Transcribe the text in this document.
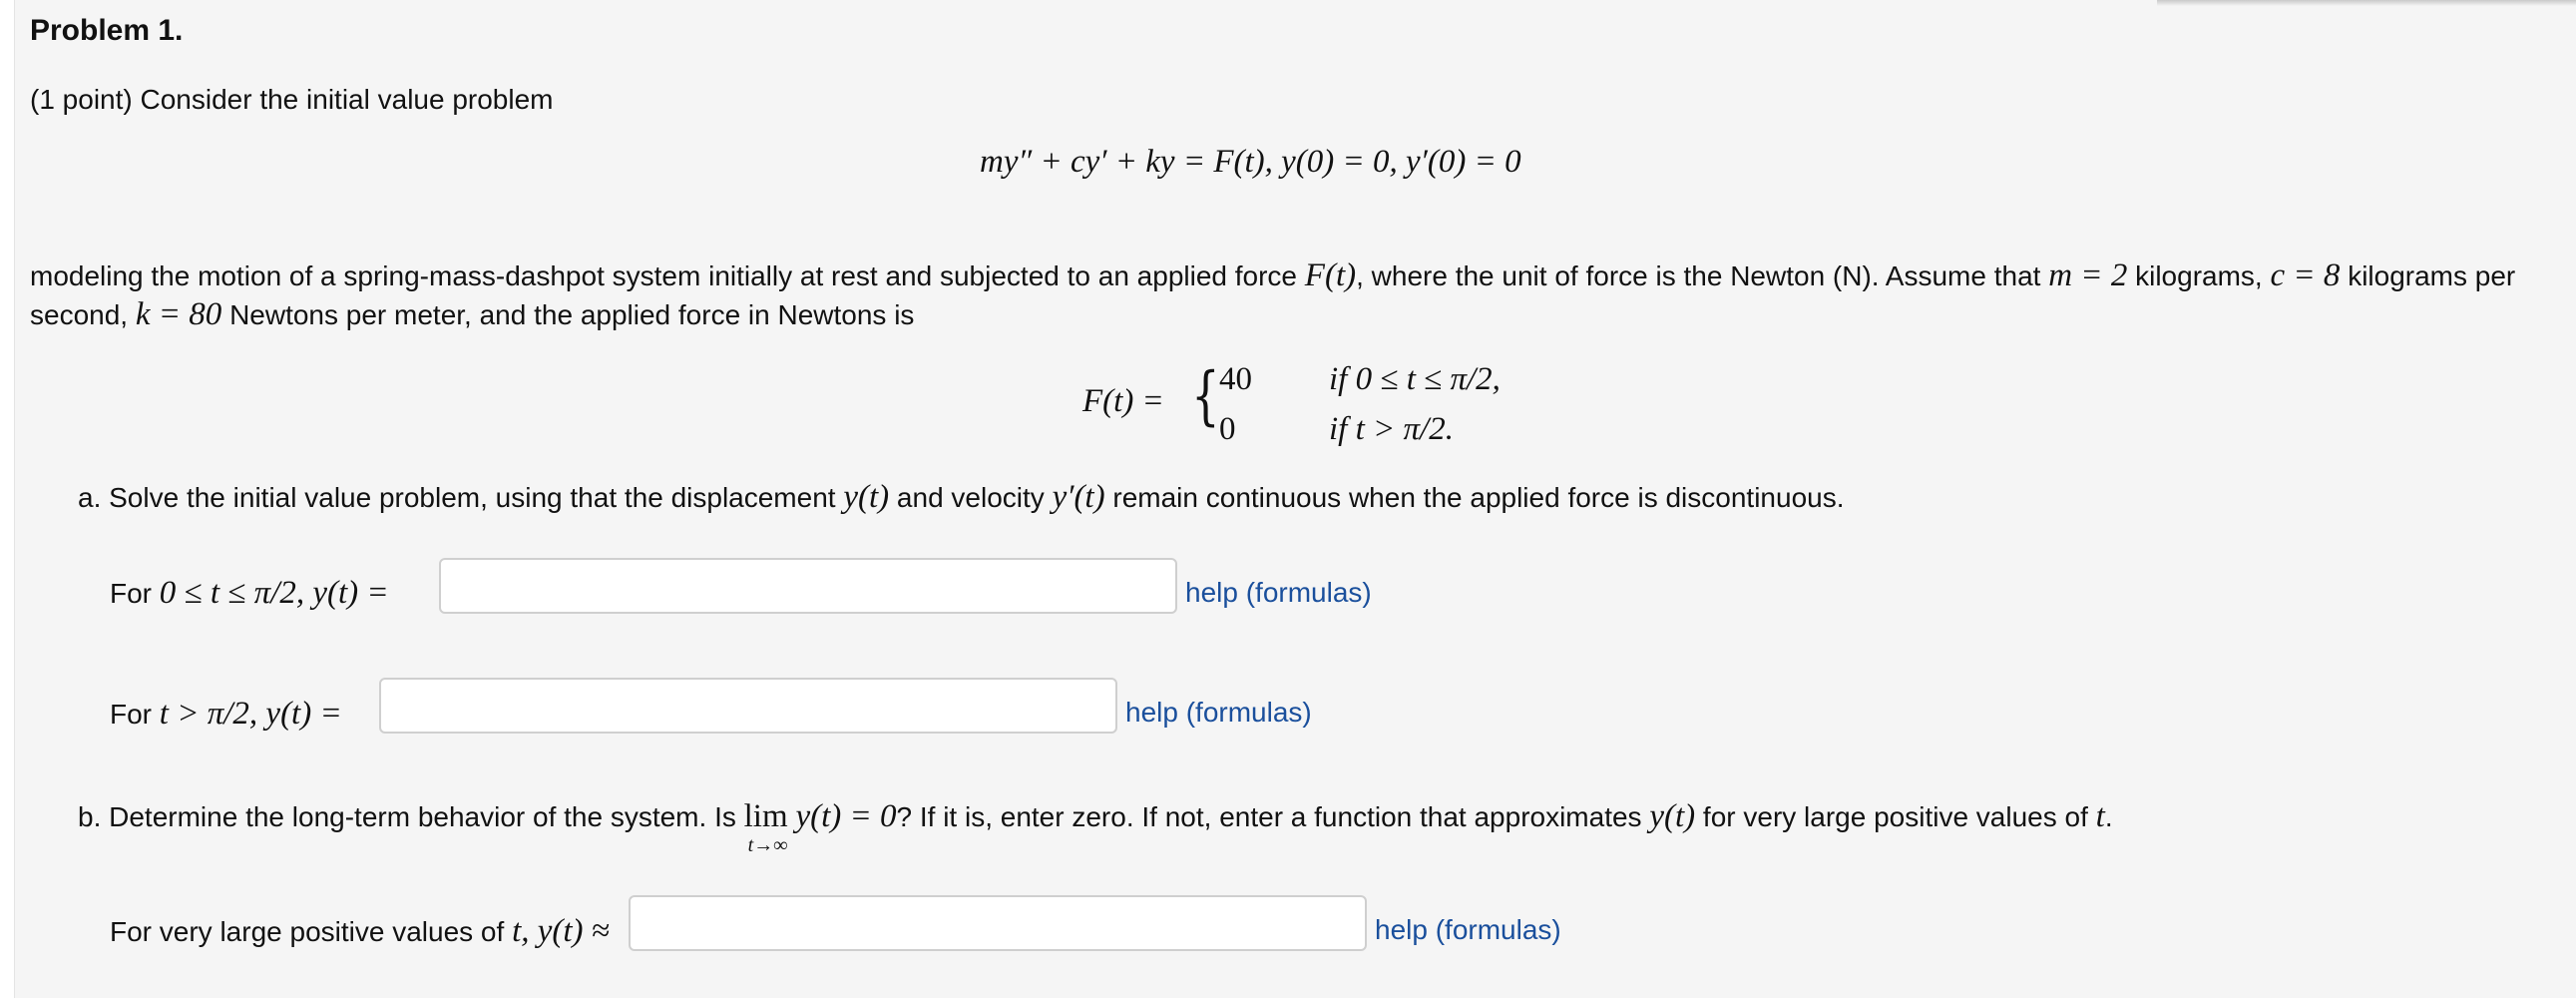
Problem 1.
(1 point) Consider the initial value problem
my″ + cy′ + ky = F(t), y(0) = 0, y′(0) = 0
modeling the motion of a spring-mass-dashpot system initially at rest and subjected to an applied force F(t), where the unit of force is the Newton (N). Assume that m = 2 kilograms, c = 8 kilograms per
second, k = 80 Newtons per meter, and the applied force in Newtons is
F(t) = { 40 if 0 ≤ t ≤ π/2,
0	if t > π/2.
a. Solve the initial value problem, using that the displacement y(t) and velocity y′(t) remain continuous when the applied force is discontinuous.
For 0 ≤ t ≤ π/2, y(t) =	help (formulas)
For t > π/2, y(t) =	help (formulas)
b. Determine the long-term behavior of the system. Is lim
t→∞
y(t) = 0? If it is, enter zero. If not, enter a function that approximates y(t) for very large positive values of t.
For very large positive values of t, y(t) ≈	help (formulas)
